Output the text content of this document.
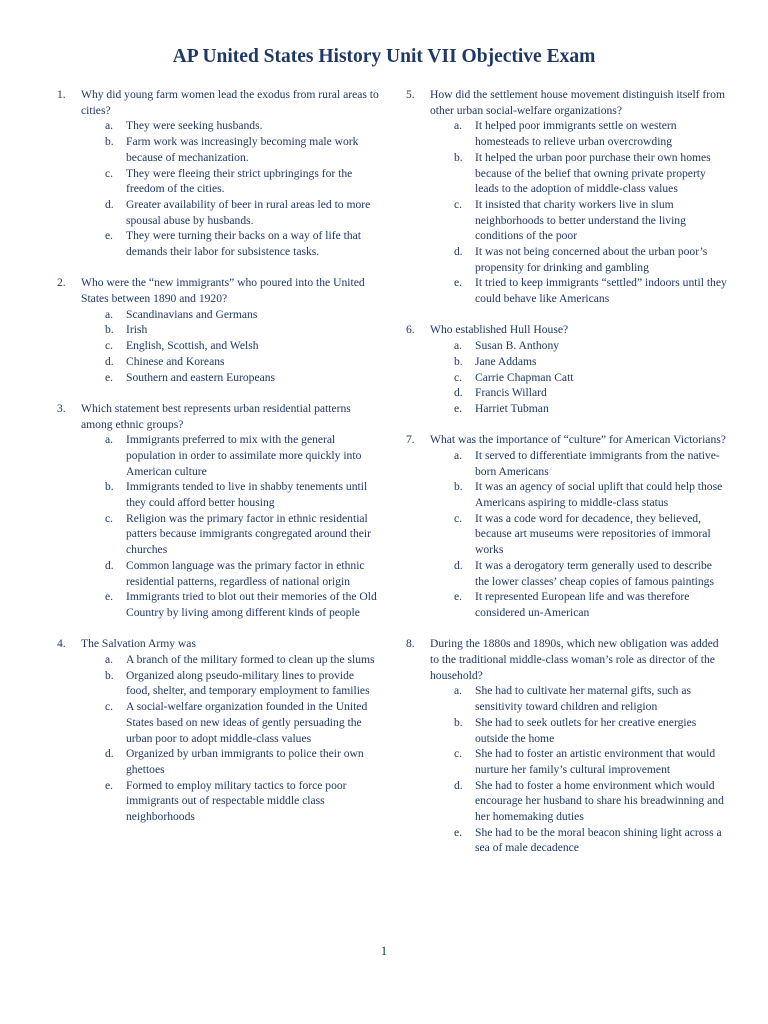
AP United States History Unit VII Objective Exam
1. Why did young farm women lead the exodus from rural areas to cities?
a. They were seeking husbands.
b. Farm work was increasingly becoming male work because of mechanization.
c. They were fleeing their strict upbringings for the freedom of the cities.
d. Greater availability of beer in rural areas led to more spousal abuse by husbands.
e. They were turning their backs on a way of life that demands their labor for subsistence tasks.
2. Who were the “new immigrants” who poured into the United States between 1890 and 1920?
a. Scandinavians and Germans
b. Irish
c. English, Scottish, and Welsh
d. Chinese and Koreans
e. Southern and eastern Europeans
3. Which statement best represents urban residential patterns among ethnic groups?
a. Immigrants preferred to mix with the general population in order to assimilate more quickly into American culture
b. Immigrants tended to live in shabby tenements until they could afford better housing
c. Religion was the primary factor in ethnic residential patters because immigrants congregated around their churches
d. Common language was the primary factor in ethnic residential patterns, regardless of national origin
e. Immigrants tried to blot out their memories of the Old Country by living among different kinds of people
4. The Salvation Army was
a. A branch of the military formed to clean up the slums
b. Organized along pseudo-military lines to provide food, shelter, and temporary employment to families
c. A social-welfare organization founded in the United States based on new ideas of gently persuading the urban poor to adopt middle-class values
d. Organized by urban immigrants to police their own ghettoes
e. Formed to employ military tactics to force poor immigrants out of respectable middle class neighborhoods
5. How did the settlement house movement distinguish itself from other urban social-welfare organizations?
a. It helped poor immigrants settle on western homesteads to relieve urban overcrowding
b. It helped the urban poor purchase their own homes because of the belief that owning private property leads to the adoption of middle-class values
c. It insisted that charity workers live in slum neighborhoods to better understand the living conditions of the poor
d. It was not being concerned about the urban poor’s propensity for drinking and gambling
e. It tried to keep immigrants “settled” indoors until they could behave like Americans
6. Who established Hull House?
a. Susan B. Anthony
b. Jane Addams
c. Carrie Chapman Catt
d. Francis Willard
e. Harriet Tubman
7. What was the importance of “culture” for American Victorians?
a. It served to differentiate immigrants from the native-born Americans
b. It was an agency of social uplift that could help those Americans aspiring to middle-class status
c. It was a code word for decadence, they believed, because art museums were repositories of immoral works
d. It was a derogatory term generally used to describe the lower classes’ cheap copies of famous paintings
e. It represented European life and was therefore considered un-American
8. During the 1880s and 1890s, which new obligation was added to the traditional middle-class woman’s role as director of the household?
a. She had to cultivate her maternal gifts, such as sensitivity toward children and religion
b. She had to seek outlets for her creative energies outside the home
c. She had to foster an artistic environment that would nurture her family’s cultural improvement
d. She had to foster a home environment which would encourage her husband to share his breadwinning and her homemaking duties
e. She had to be the moral beacon shining light across a sea of male decadence
1
